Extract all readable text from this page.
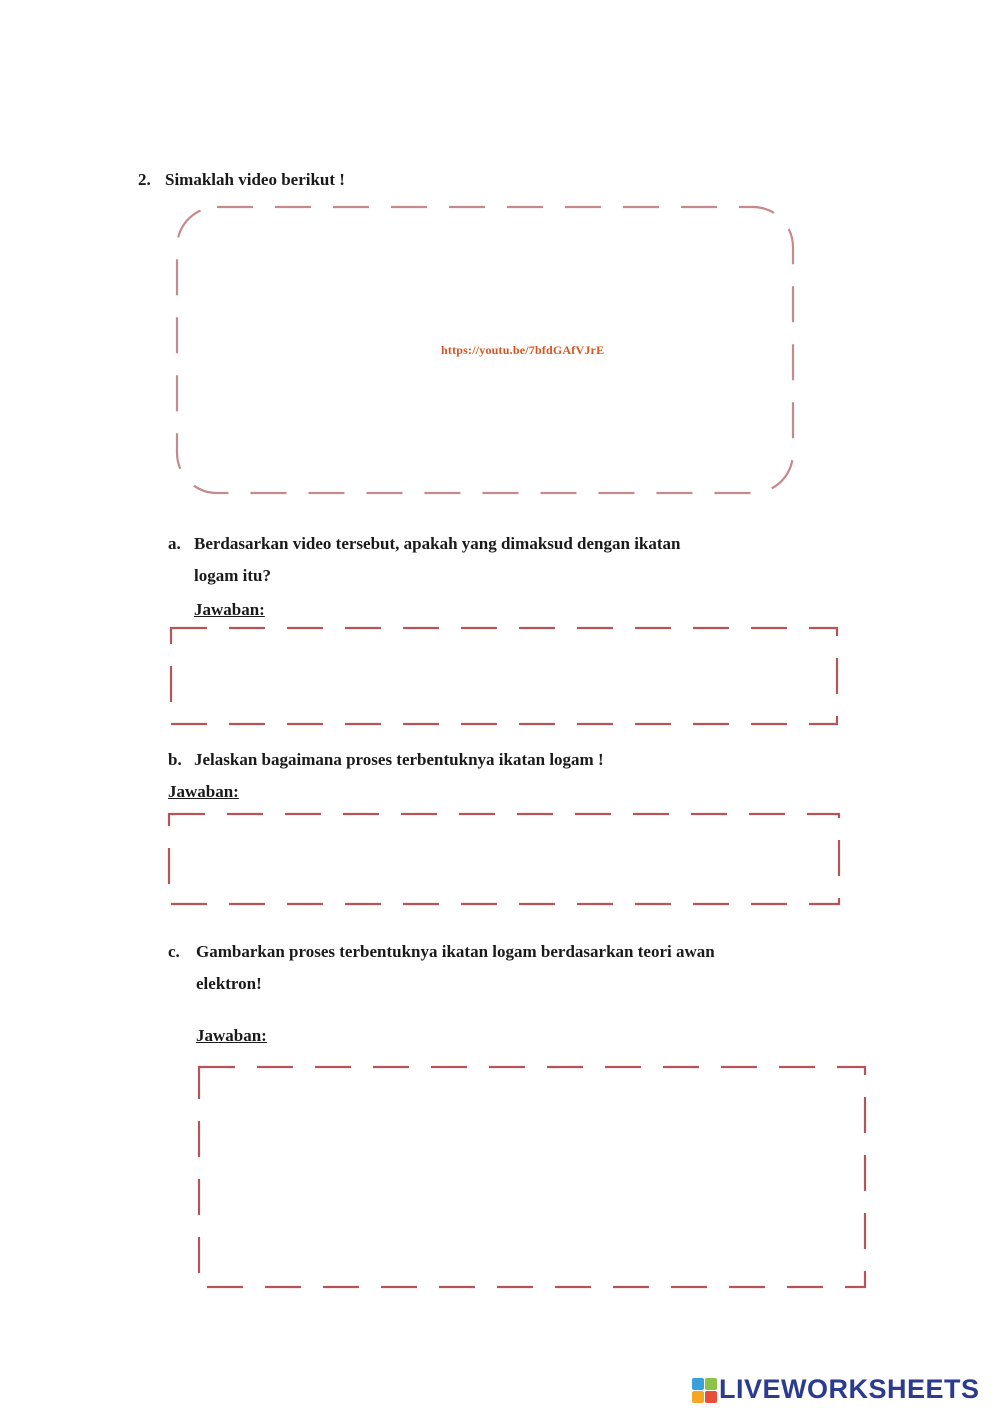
2. Simaklah video berikut !
https://youtu.be/7bfdGAfVJrE
a. Berdasarkan video tersebut, apakah yang dimaksud dengan ikatan
logam itu?
Jawaban:
b. Jelaskan bagaimana proses terbentuknya ikatan logam !
Jawaban:
c. Gambarkan proses terbentuknya ikatan logam berdasarkan teori awan
elektron!
Jawaban:
LIVEWORKSHEETS
